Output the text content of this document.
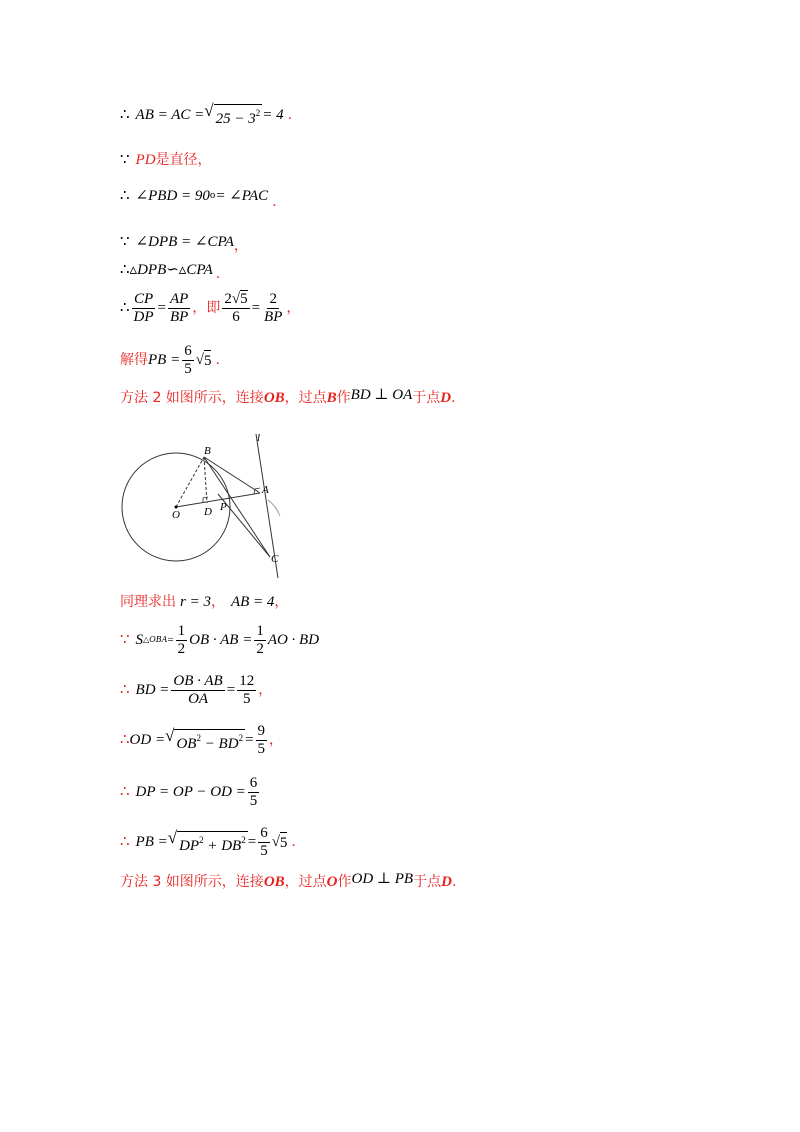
∴ AB = AC = √ $25 - 3^2 = 4$ .
∵ PD 是直径，
∴ ∠PBD = 90 o = ∠PAC .
∵ ∠DPB = ∠CPA ，
∴ ▵DPB∽▵CPA .
∴ $\frac{CP}{DP} = \frac{AP}{BP}$ ，即 $\frac{2√5}{6} = \frac{2}{BP}$ ，
解得 PB = $\frac{6}{5}$ √ 5 .
方法 2 如图所示，连接 OB ，过点 B 作 BD ⊥ OA 于点 D .
B
O D P
A
C
l
同理求出 r = 3 ， AB = 4 ，
∵ S △OBA = $\frac{1}{2}$ OB · AB = $\frac{1}{2}$ AO · BD
∴ BD = $\frac{OB \cdot AB}{OA} = \frac{12}{5}$ ，
∴ OD = √ $OB^2 - BD^2 = \frac{9}{5}$ ，
∴ DP = OP − OD = $\frac{6}{5}$
∴ PB = √ $DP^2 + DB^2 = \frac{6}{5}$ √ 5 .
方法 3 如图所示，连接 OB ，过点 O 作 OD ⊥ PB 于点 D .
